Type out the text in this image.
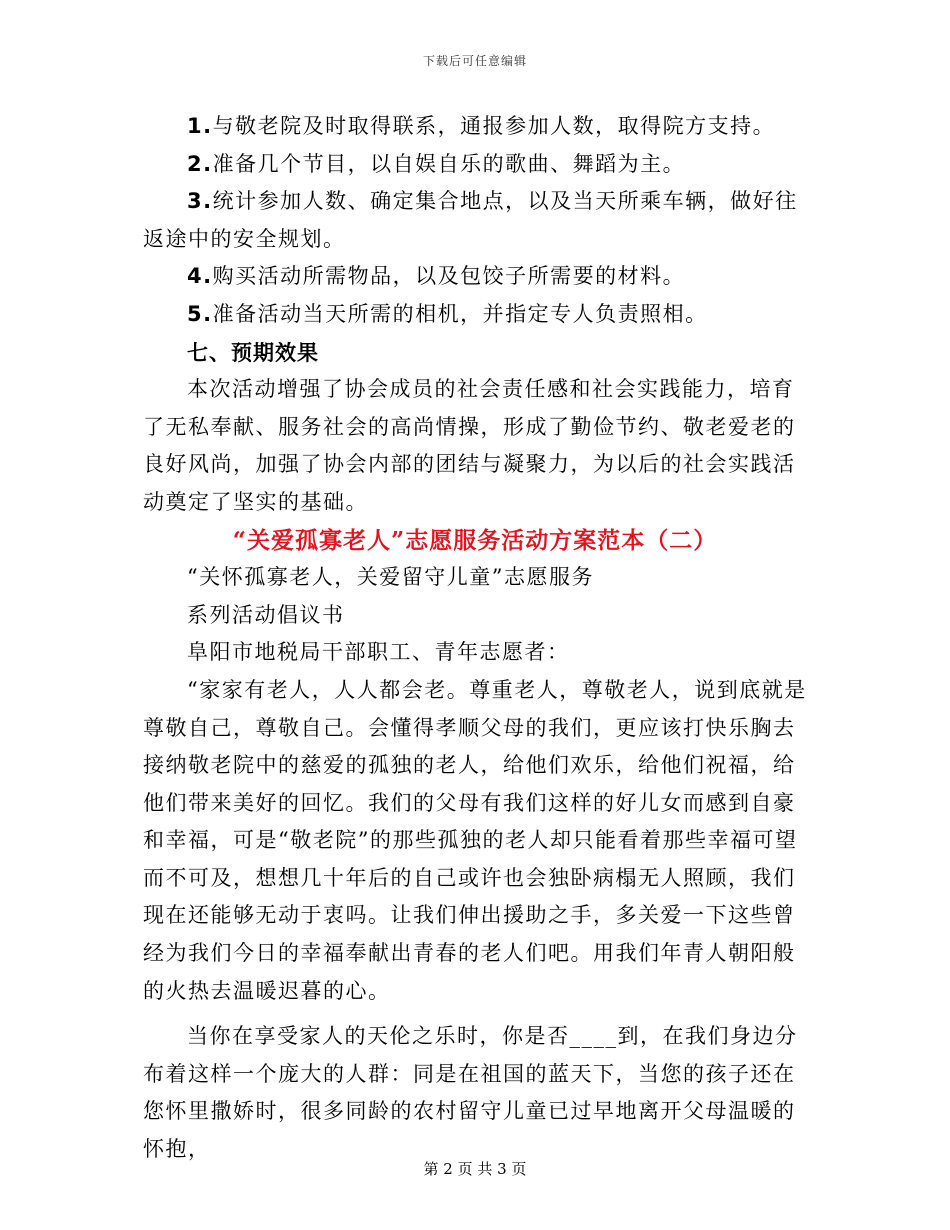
下载后可任意编辑

1.与敬老院及时取得联系，通报参加人数，取得院方支持。

2.准备几个节目，以自娱自乐的歌曲、舞蹈为主。

3.统计参加人数、确定集合地点，以及当天所乘车辆，做好往返途中的安全规划。

4.购买活动所需物品，以及包饺子所需要的材料。

5.准备活动当天所需的相机，并指定专人负责照相。

七、预期效果

本次活动增强了协会成员的社会责任感和社会实践能力，培育了无私奉献、服务社会的高尚情操，形成了勤俭节约、敬老爱老的良好风尚，加强了协会内部的团结与凝聚力，为以后的社会实践活动奠定了坚实的基础。

“关爱孤寡老人”志愿服务活动方案范本（二）

“关怀孤寡老人，关爱留守儿童”志愿服务

系列活动倡议书

阜阳市地税局干部职工、青年志愿者：

“家家有老人，人人都会老。尊重老人，尊敬老人，说到底就是尊敬自己，尊敬自己。会懂得孝顺父母的我们，更应该打快乐胸去接纳敬老院中的慈爱的孤独的老人，给他们欢乐，给他们祝福，给他们带来美好的回忆。我们的父母有我们这样的好儿女而感到自豪和幸福，可是“敬老院”的那些孤独的老人却只能看着那些幸福可望而不可及，想想几十年后的自己或许也会独卧病榻无人照顾，我们现在还能够无动于衷吗。让我们伸出援助之手，多关爱一下这些曾经为我们今日的幸福奉献出青春的老人们吧。用我们年青人朝阳般的火热去温暖迟暮的心。

当你在享受家人的天伦之乐时，你是否____到，在我们身边分布着这样一个庞大的人群：同是在祖国的蓝天下，当您的孩子还在您怀里撒娇时，很多同龄的农村留守儿童已过早地离开父母温暖的怀抱，

第 2 页 共 3 页
